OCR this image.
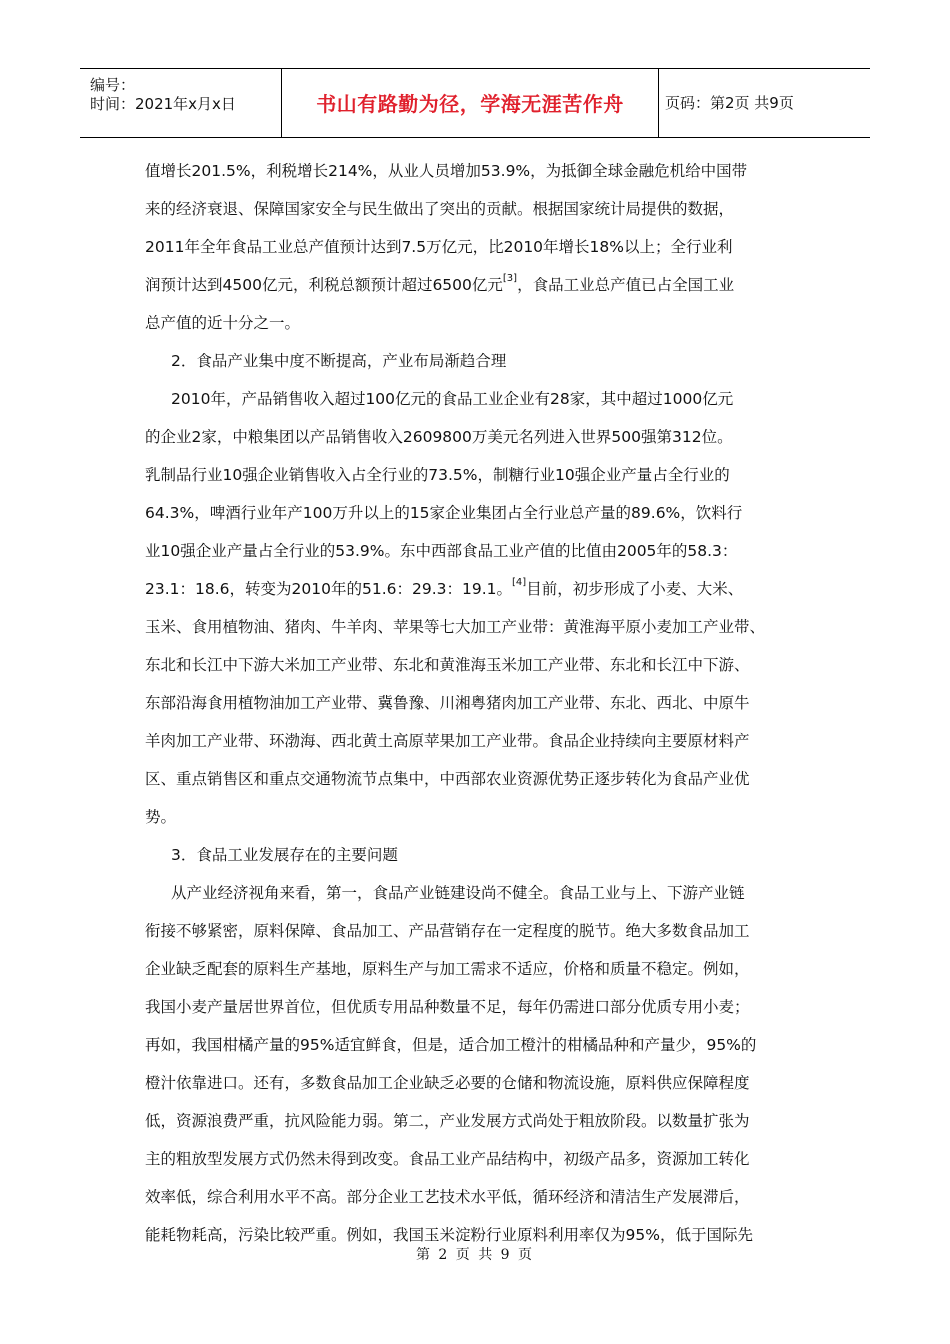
编号：
时间：2021年x月x日	书山有路勤为径，学海无涯苦作舟	页码：第2页 共9页
值增长201.5%，利税增长214%，从业人员增加53.9%，为抵御全球金融危机给中国带
来的经济衰退、保障国家安全与民生做出了突出的贡献。根据国家统计局提供的数据，
2011年全年食品工业总产值预计达到7.5万亿元，比2010年增长18%以上；全行业利
润预计达到4500亿元，利税总额预计超过6500亿元[3]，食品工业总产值已占全国工业
总产值的近十分之一。
2．食品产业集中度不断提高，产业布局渐趋合理
2010年，产品销售收入超过100亿元的食品工业企业有28家，其中超过1000亿元
的企业2家，中粮集团以产品销售收入2609800万美元名列进入世界500强第312位。
乳制品行业10强企业销售收入占全行业的73.5%，制糖行业10强企业产量占全行业的
64.3%，啤酒行业年产100万升以上的15家企业集团占全行业总产量的89.6%，饮料行
业10强企业产量占全行业的53.9%。东中西部食品工业产值的比值由2005年的58.3：
23.1：18.6，转变为2010年的51.6：29.3：19.1。[4]目前，初步形成了小麦、大米、
玉米、食用植物油、猪肉、牛羊肉、苹果等七大加工产业带：黄淮海平原小麦加工产业带、
东北和长江中下游大米加工产业带、东北和黄淮海玉米加工产业带、东北和长江中下游、
东部沿海食用植物油加工产业带、冀鲁豫、川湘粤猪肉加工产业带、东北、西北、中原牛
羊肉加工产业带、环渤海、西北黄土高原苹果加工产业带。食品企业持续向主要原材料产
区、重点销售区和重点交通物流节点集中，中西部农业资源优势正逐步转化为食品产业优
势。
3．食品工业发展存在的主要问题
从产业经济视角来看，第一，食品产业链建设尚不健全。食品工业与上、下游产业链
衔接不够紧密，原料保障、食品加工、产品营销存在一定程度的脱节。绝大多数食品加工
企业缺乏配套的原料生产基地，原料生产与加工需求不适应，价格和质量不稳定。例如，
我国小麦产量居世界首位，但优质专用品种数量不足，每年仍需进口部分优质专用小麦；
再如，我国柑橘产量的95%适宜鲜食，但是，适合加工橙汁的柑橘品种和产量少，95%的
橙汁依靠进口。还有，多数食品加工企业缺乏必要的仓储和物流设施，原料供应保障程度
低，资源浪费严重，抗风险能力弱。第二，产业发展方式尚处于粗放阶段。以数量扩张为
主的粗放型发展方式仍然未得到改变。食品工业产品结构中，初级产品多，资源加工转化
效率低，综合利用水平不高。部分企业工艺技术水平低，循环经济和清洁生产发展滞后，
能耗物耗高，污染比较严重。例如，我国玉米淀粉行业原料利用率仅为95%，低于国际先
第 2 页 共 9 页
